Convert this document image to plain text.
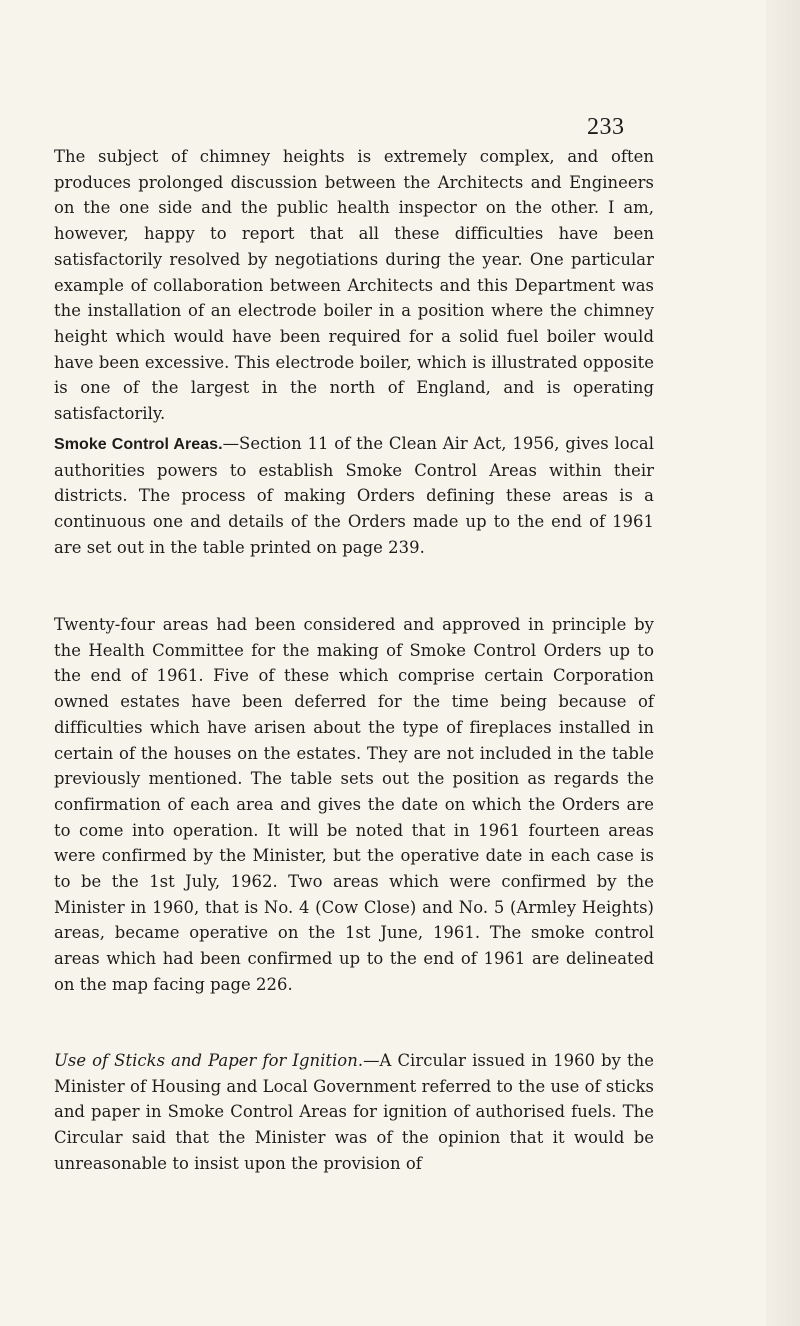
233

The subject of chimney heights is extremely complex, and often produces prolonged discussion between the Architects and Engineers on the one side and the public health inspector on the other. I am, however, happy to report that all these difficulties have been satisfactorily resolved by negotiations during the year. One particular example of collaboration between Architects and this Department was the installation of an electrode boiler in a position where the chimney height which would have been required for a solid fuel boiler would have been excessive. This electrode boiler, which is illustrated opposite is one of the largest in the north of England, and is operating satisfactorily.

Smoke Control Areas.—Section 11 of the Clean Air Act, 1956, gives local authorities powers to establish Smoke Control Areas within their districts. The process of making Orders defining these areas is a continuous one and details of the Orders made up to the end of 1961 are set out in the table printed on page 239.

Twenty-four areas had been considered and approved in principle by the Health Committee for the making of Smoke Control Orders up to the end of 1961. Five of these which comprise certain Corporation owned estates have been deferred for the time being because of difficulties which have arisen about the type of fireplaces installed in certain of the houses on the estates. They are not included in the table previously mentioned. The table sets out the position as regards the confirmation of each area and gives the date on which the Orders are to come into operation. It will be noted that in 1961 fourteen areas were confirmed by the Minister, but the operative date in each case is to be the 1st July, 1962. Two areas which were confirmed by the Minister in 1960, that is No. 4 (Cow Close) and No. 5 (Armley Heights) areas, became operative on the 1st June, 1961. The smoke control areas which had been confirmed up to the end of 1961 are delineated on the map facing page 226.

Use of Sticks and Paper for Ignition.—A Circular issued in 1960 by the Minister of Housing and Local Government referred to the use of sticks and paper in Smoke Control Areas for ignition of authorised fuels. The Circular said that the Minister was of the opinion that it would be unreasonable to insist upon the provision of
